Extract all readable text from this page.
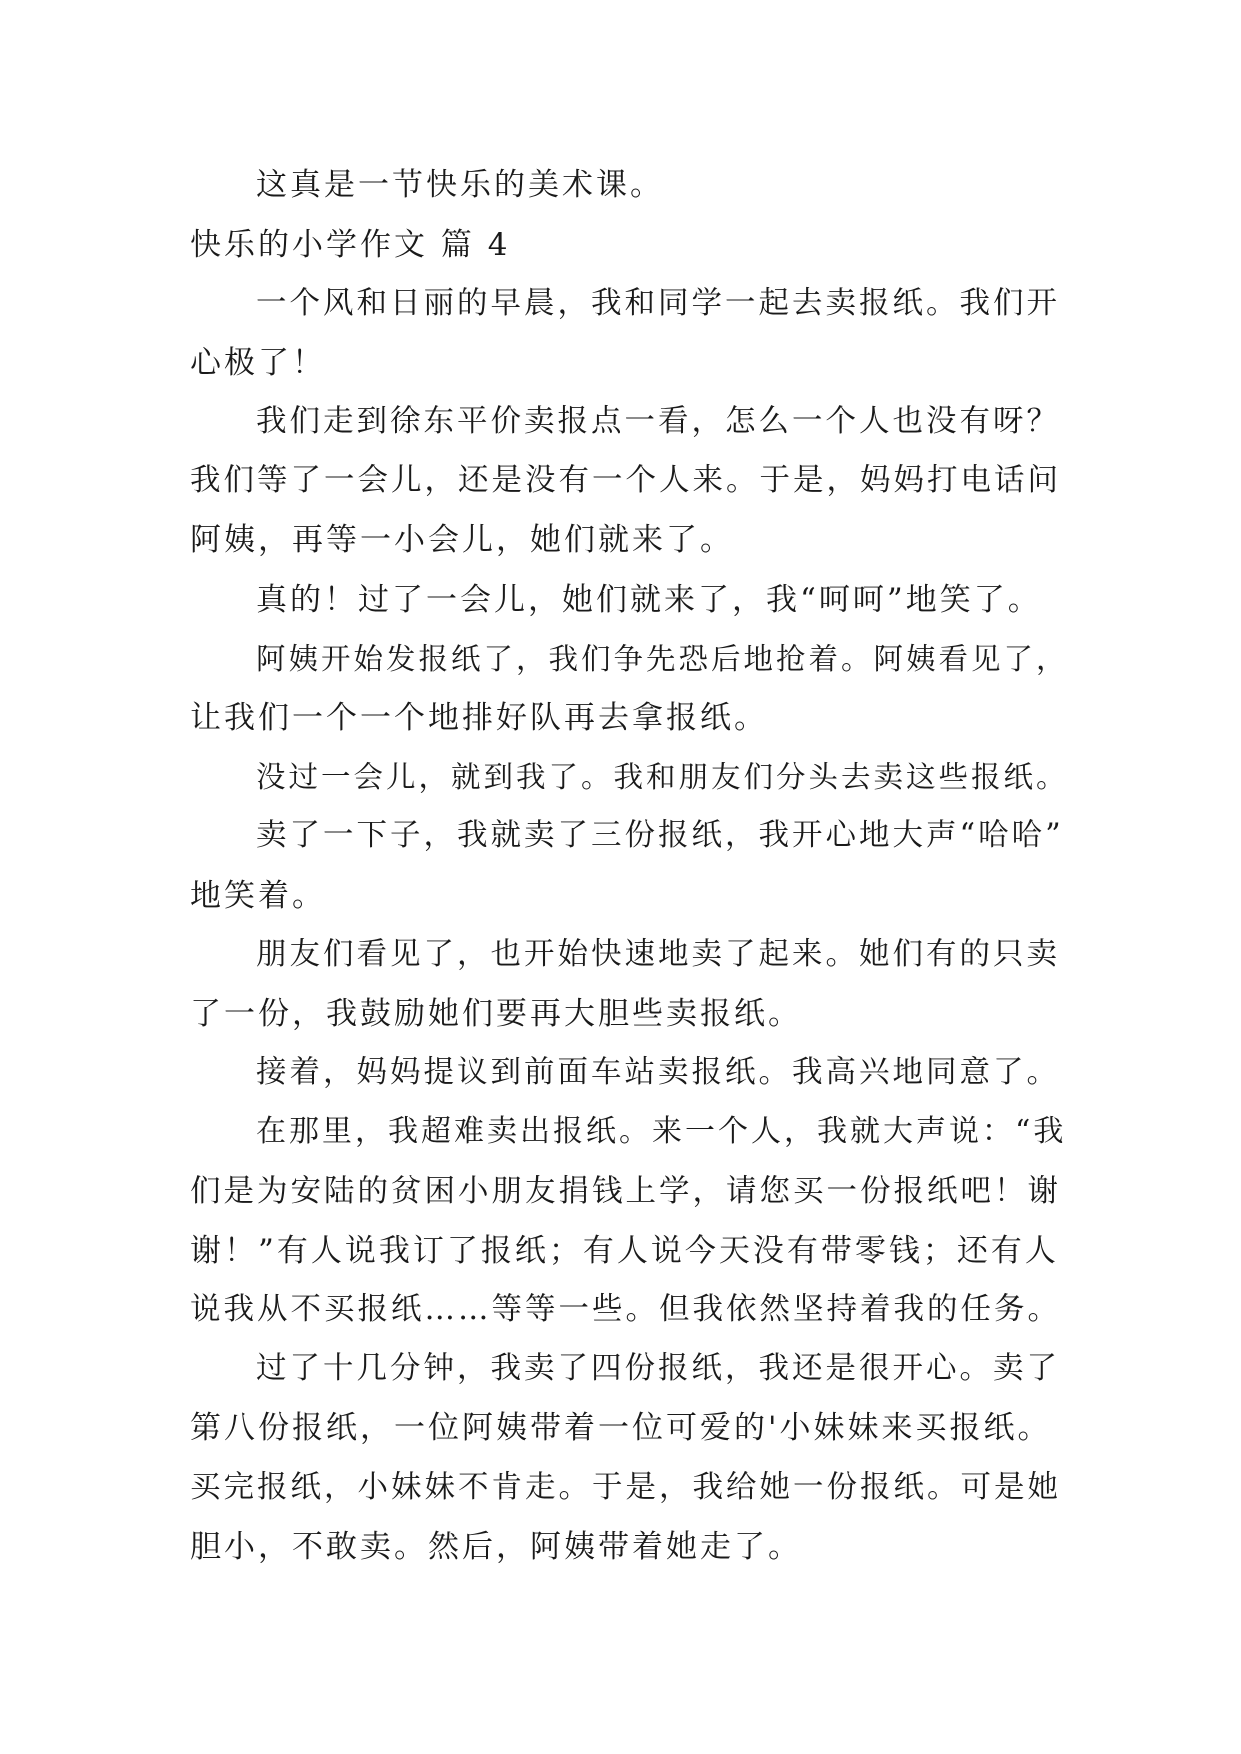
这真是一节快乐的美术课。
快乐的小学作文 篇 4
一个风和日丽的早晨，我和同学一起去卖报纸。我们开
心极了！
我们走到徐东平价卖报点一看，怎么一个人也没有呀？
我们等了一会儿，还是没有一个人来。于是，妈妈打电话问
阿姨，再等一小会儿，她们就来了。
真的！过了一会儿，她们就来了，我“呵呵”地笑了。
阿姨开始发报纸了，我们争先恐后地抢着。阿姨看见了，
让我们一个一个地排好队再去拿报纸。
没过一会儿，就到我了。我和朋友们分头去卖这些报纸。
卖了一下子，我就卖了三份报纸，我开心地大声“哈哈”
地笑着。
朋友们看见了，也开始快速地卖了起来。她们有的只卖
了一份，我鼓励她们要再大胆些卖报纸。
接着，妈妈提议到前面车站卖报纸。我高兴地同意了。
在那里，我超难卖出报纸。来一个人，我就大声说：“我
们是为安陆的贫困小朋友捐钱上学，请您买一份报纸吧！谢
谢！”有人说我订了报纸；有人说今天没有带零钱；还有人
说我从不买报纸……等等一些。但我依然坚持着我的任务。
过了十几分钟，我卖了四份报纸，我还是很开心。卖了
第八份报纸，一位阿姨带着一位可爱的'小妹妹来买报纸。
买完报纸，小妹妹不肯走。于是，我给她一份报纸。可是她
胆小，不敢卖。然后，阿姨带着她走了。
